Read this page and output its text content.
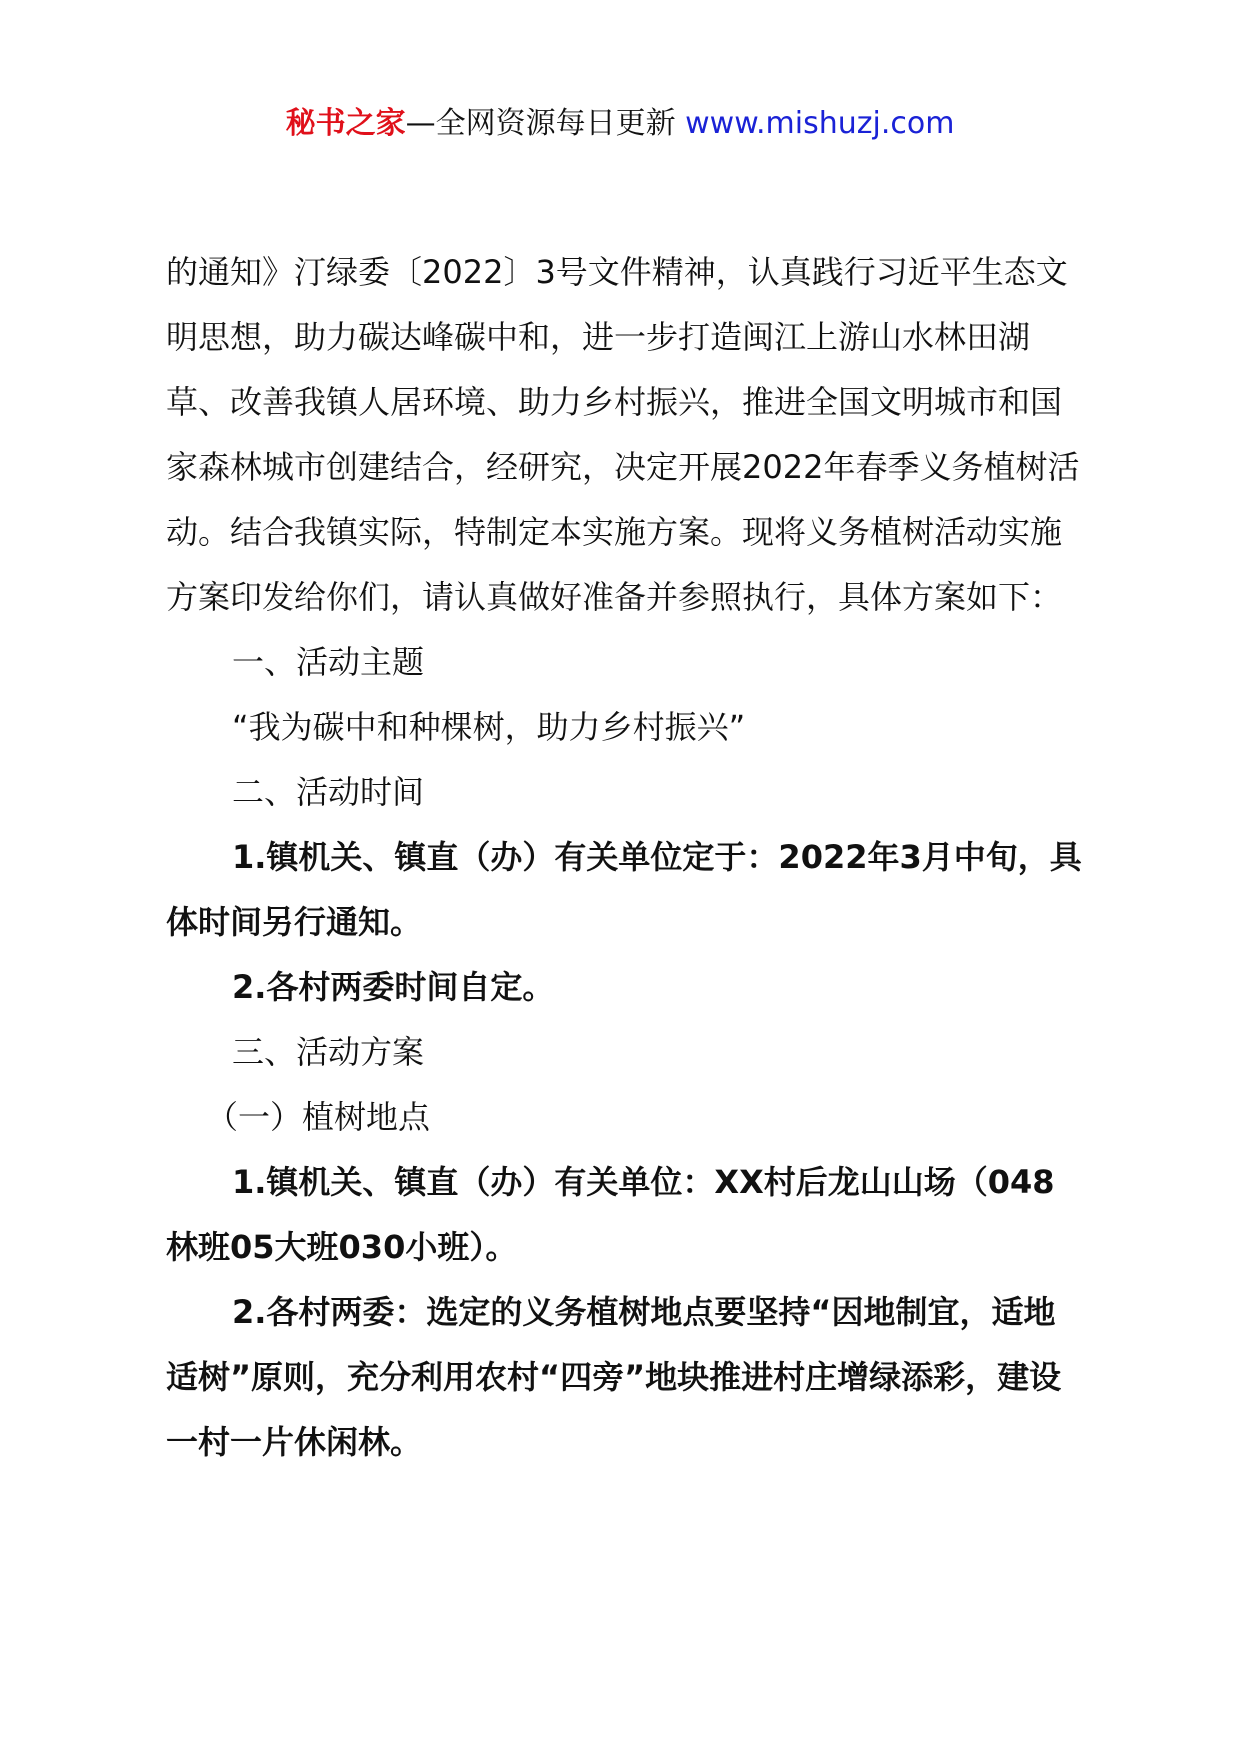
秘书之家—全网资源每日更新 www.mishuzj.com

的通知》汀绿委〔2022〕3号文件精神，认真践行习近平生态文明思想，助力碳达峰碳中和，进一步打造闽江上游山水林田湖草、改善我镇人居环境、助力乡村振兴，推进全国文明城市和国家森林城市创建结合，经研究，决定开展2022年春季义务植树活动。结合我镇实际，特制定本实施方案。现将义务植树活动实施方案印发给你们，请认真做好准备并参照执行，具体方案如下：

一、活动主题

“我为碳中和种棵树，助力乡村振兴”

二、活动时间

1.镇机关、镇直（办）有关单位定于：2022年3月中旬，具体时间另行通知。

2.各村两委时间自定。

三、活动方案

（一）植树地点

1.镇机关、镇直（办）有关单位：XX村后龙山山场（048林班05大班030小班）。

2.各村两委：选定的义务植树地点要坚持“因地制宜，适地适树”原则，充分利用农村“四旁”地块推进村庄增绿添彩，建设一村一片休闲林。
